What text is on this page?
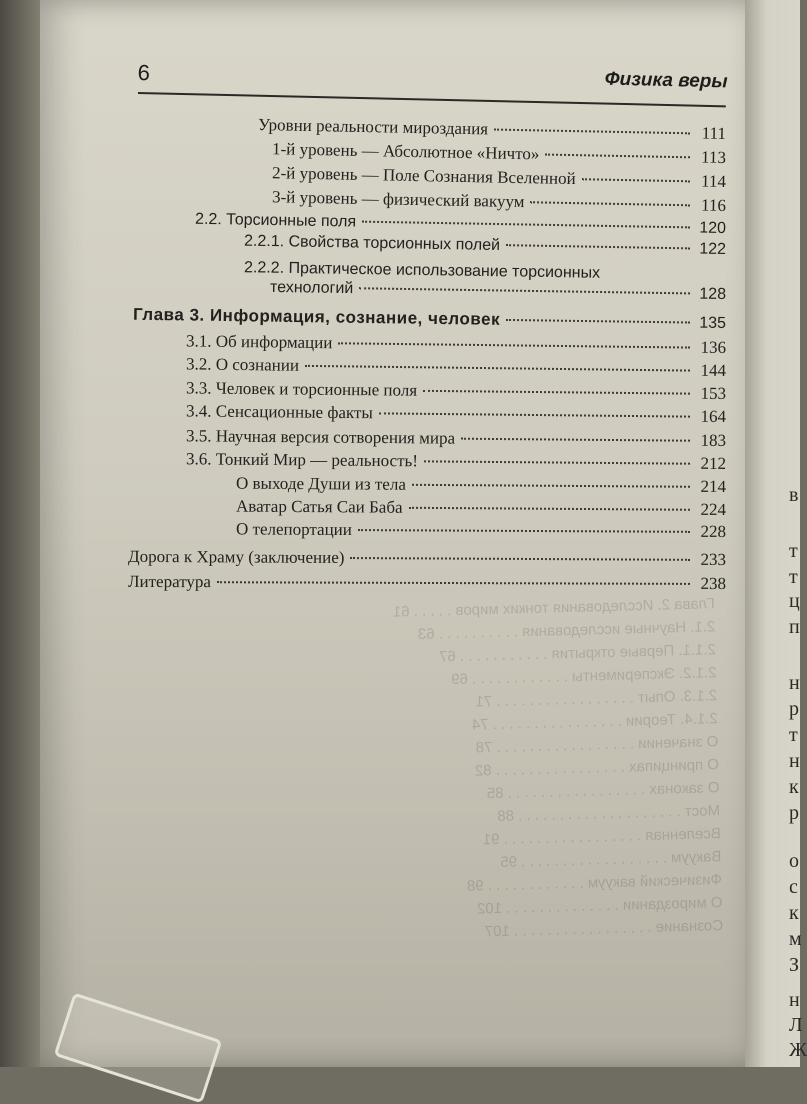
в
т
т
ц
п
н
р
т
н
к
р
о
с
к
м
З
н
Л
Ж
6	Физика веры
Уровни реальности мироздания	111
1-й уровень — Абсолютное «Ничто»	113
2-й уровень — Поле Сознания Вселенной	114
3-й уровень — физический вакуум	116
2.2. Торсионные поля	120
2.2.1. Свойства торсионных полей	122
2.2.2. Практическое использование торсионных
технологий	128
Глава 3. Информация, сознание, человек	135
3.1. Об информации	136
3.2. О сознании	144
3.3. Человек и торсионные поля	153
3.4. Сенсационные факты	164
3.5. Научная версия сотворения мира	183
3.6. Тонкий Мир — реальность!	212
О выходе Души из тела	214
Аватар Сатья Саи Баба	224
О телепортации	228
Дорога к Храму (заключение)	233
Литература	238
